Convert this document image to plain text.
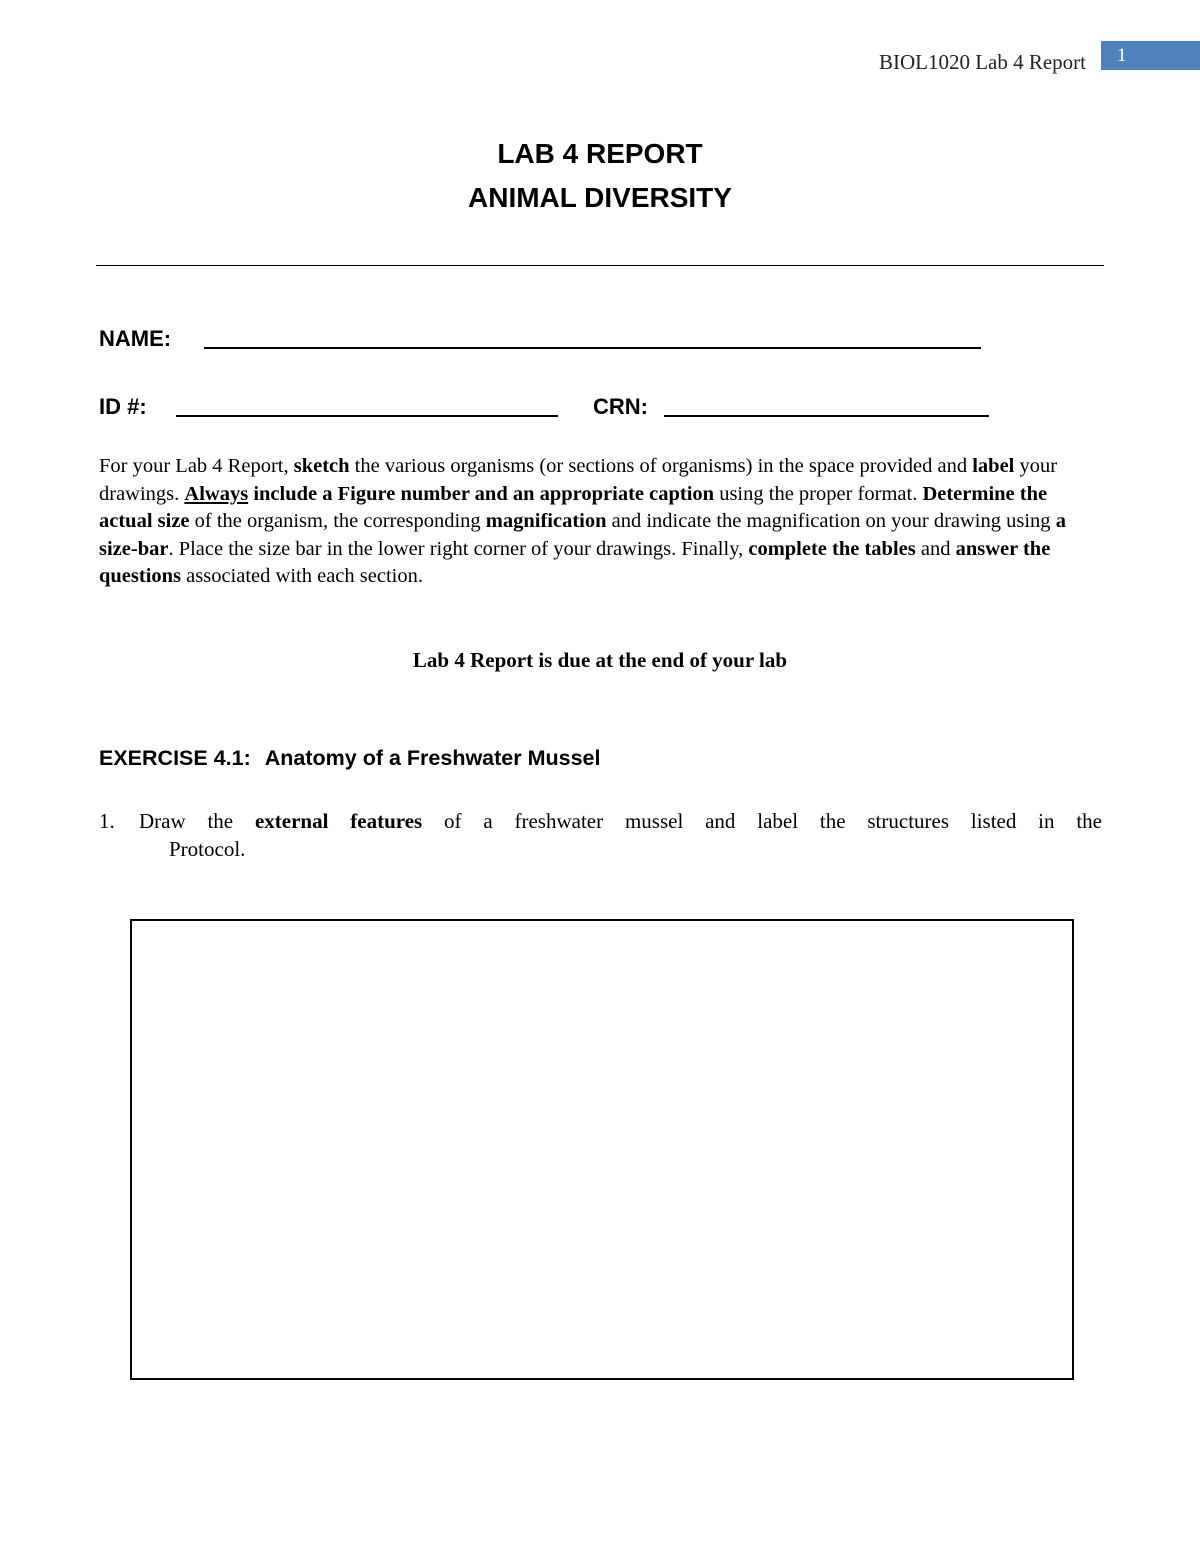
BIOL1020 Lab 4 Report	1
LAB 4 REPORT
ANIMAL DIVERSITY
NAME:
ID #:	CRN:
For your Lab 4 Report, sketch the various organisms (or sections of organisms) in the space provided and label your drawings. Always include a Figure number and an appropriate caption using the proper format. Determine the actual size of the organism, the corresponding magnification and indicate the magnification on your drawing using a size-bar. Place the size bar in the lower right corner of your drawings. Finally, complete the tables and answer the questions associated with each section.
Lab 4 Report is due at the end of your lab
EXERCISE 4.1: Anatomy of a Freshwater Mussel
1. Draw the external features of a freshwater mussel and label the structures listed in the
Protocol.
